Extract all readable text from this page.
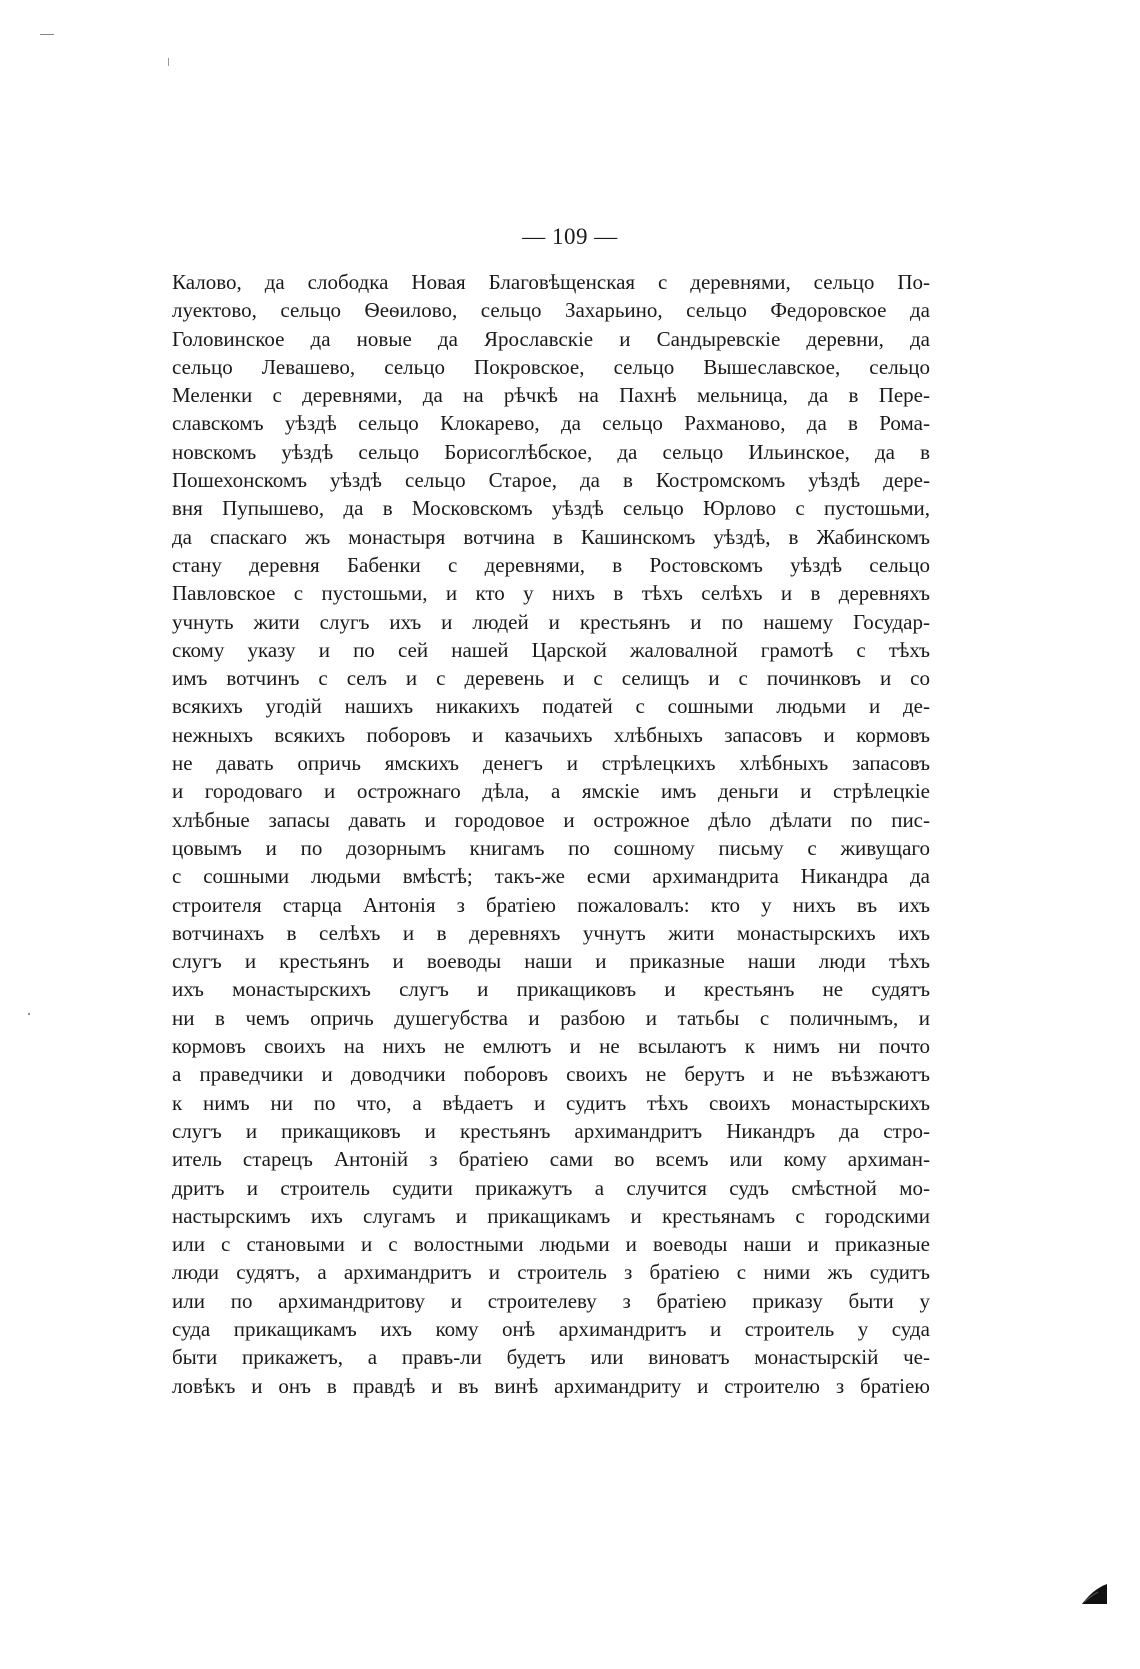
— 109 —
Калово, да слободка Новая Благовѣщенская с деревнями, сельцо По-
луектово, сельцо Ѳеѳилово, сельцо Захарьино, сельцо Федоровское да
Головинское да новые да Ярославскіе и Сандыревскіе деревни, да
сельцо Левашево, сельцо Покровское, сельцо Вышеславское, сельцо
Меленки с деревнями, да на рѣчкѣ на Пахнѣ мельница, да в Пере-
славскомъ уѣздѣ сельцо Клокарево, да сельцо Рахманово, да в Рома-
новскомъ уѣздѣ сельцо Борисоглѣбское, да сельцо Ильинское, да в
Пошехонскомъ уѣздѣ сельцо Старое, да в Костромскомъ уѣздѣ дере-
вня Пупышево, да в Московскомъ уѣздѣ сельцо Юрлово с пустошьми,
да спаскаго жъ монастыря вотчина в Кашинскомъ уѣздѣ, в Жабинскомъ
стану деревня Бабенки с деревнями, в Ростовскомъ уѣздѣ сельцо
Павловское с пустошьми, и кто у нихъ в тѣхъ селѣхъ и в деревняхъ
учнуть жити слугъ ихъ и людей и крестьянъ и по нашему Государ-
скому указу и по сей нашей Царской жаловалной грамотѣ с тѣхъ
имъ вотчинъ с селъ и с деревень и с селищъ и с починковъ и со
всякихъ угодій нашихъ никакихъ податей с сошными людьми и де-
нежныхъ всякихъ поборовъ и казачьихъ хлѣбныхъ запасовъ и кормовъ
не давать опричь ямскихъ денегъ и стрѣлецкихъ хлѣбныхъ запасовъ
и городоваго и острожнаго дѣла, а ямскіе имъ деньги и стрѣлецкіе
хлѣбные запасы давать и городовое и острожное дѣло дѣлати по пис-
цовымъ и по дозорнымъ книгамъ по сошному письму с живущаго
с сошными людьми вмѣстѣ; такъ-же есми архимандрита Никандра да
строителя старца Антонія з братіею пожаловалъ: кто у нихъ въ ихъ
вотчинахъ в селѣхъ и в деревняхъ учнутъ жити монастырскихъ ихъ
слугъ и крестьянъ и воеводы наши и приказные наши люди тѣхъ
ихъ монастырскихъ слугъ и прикащиковъ и крестьянъ не судятъ
ни в чемъ опричь душегубства и разбою и татьбы с поличнымъ, и
кормовъ своихъ на нихъ не емлютъ и не всылаютъ к нимъ ни почто
а праведчики и доводчики поборовъ своихъ не берутъ и не въѣзжаютъ
к нимъ ни по что, а вѣдаетъ и судитъ тѣхъ своихъ монастырскихъ
слугъ и прикащиковъ и крестьянъ архимандритъ Никандръ да стро-
итель старецъ Антоній з братіею сами во всемъ или кому архиман-
дритъ и строитель судити прикажутъ а случится судъ смѣстной мо-
настырскимъ ихъ слугамъ и прикащикамъ и крестьянамъ с городскими
или с становыми и с волостными людьми и воеводы наши и приказные
люди судятъ, а архимандритъ и строитель з братіею с ними жъ судитъ
или по архимандритову и строителеву з братіею приказу быти у
суда прикащикамъ ихъ кому онѣ архимандритъ и строитель у суда
быти прикажетъ, а правъ-ли будетъ или виноватъ монастырскій че-
ловѣкъ и онъ в правдѣ и въ винѣ архимандриту и строителю з братіею
